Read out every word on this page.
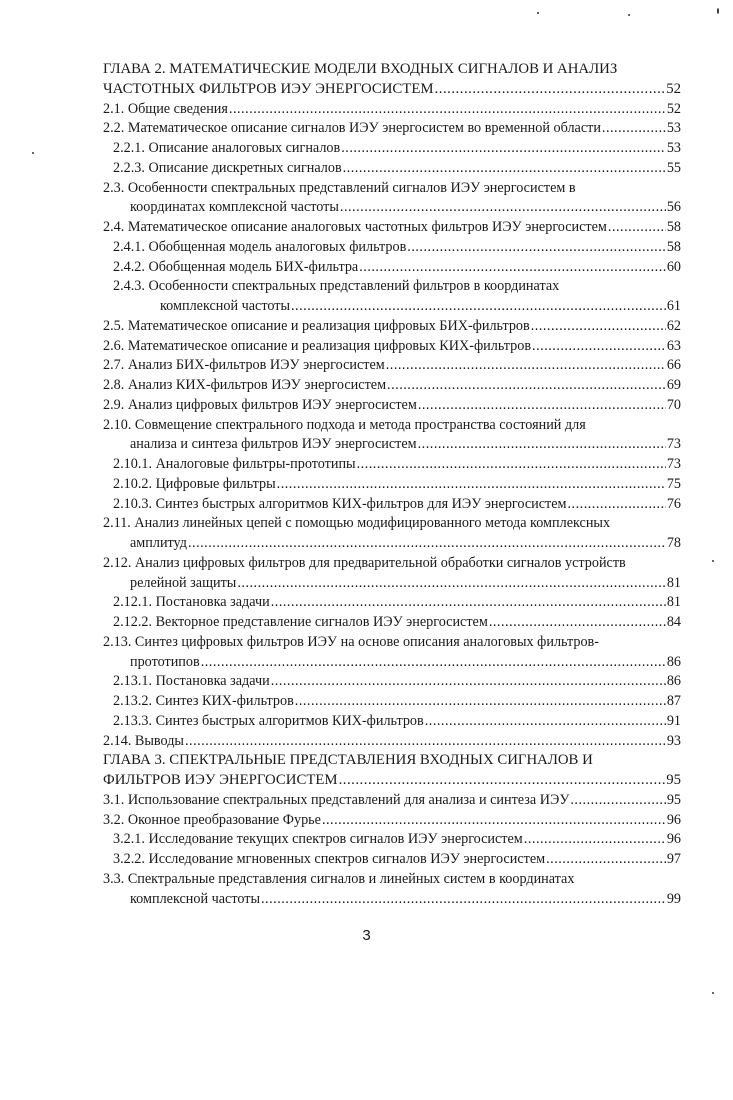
ГЛАВА 2. МАТЕМАТИЧЕСКИЕ МОДЕЛИ ВХОДНЫХ СИГНАЛОВ И АНАЛИЗ
ЧАСТОТНЫХ ФИЛЬТРОВ ИЭУ ЭНЕРГОСИСТЕМ .....	52
2.1. Общие сведения .....	52
2.2. Математическое описание сигналов ИЭУ энергосистем во временной области .....	53
2.2.1. Описание аналоговых сигналов .....	53
2.2.3. Описание дискретных сигналов .....	55
2.3. Особенности спектральных представлений сигналов ИЭУ энергосистем в
координатах комплексной частоты .....	56
2.4. Математическое описание аналоговых частотных фильтров ИЭУ энергосистем .....	58
2.4.1. Обобщенная модель аналоговых фильтров .....	58
2.4.2. Обобщенная модель БИХ-фильтра .....	60
2.4.3. Особенности спектральных представлений фильтров в координатах
комплексной частоты .....	61
2.5. Математическое описание и реализация цифровых БИХ-фильтров .....	62
2.6. Математическое описание и реализация цифровых КИХ-фильтров .....	63
2.7. Анализ БИХ-фильтров ИЭУ энергосистем .....	66
2.8. Анализ КИХ-фильтров ИЭУ энергосистем .....	69
2.9. Анализ цифровых фильтров ИЭУ энергосистем .....	70
2.10. Совмещение спектрального подхода и метода пространства состояний для
анализа и синтеза фильтров ИЭУ энергосистем .....	73
2.10.1. Аналоговые фильтры-прототипы .....	73
2.10.2. Цифровые фильтры .....	75
2.10.3. Синтез быстрых алгоритмов КИХ-фильтров для ИЭУ энергосистем .....	76
2.11. Анализ линейных цепей с помощью модифицированного метода комплексных
амплитуд .....	78
2.12. Анализ цифровых фильтров для предварительной обработки сигналов устройств
релейной защиты .....	81
2.12.1. Постановка задачи .....	81
2.12.2. Векторное представление сигналов ИЭУ энергосистем .....	84
2.13. Синтез цифровых фильтров ИЭУ на основе описания аналоговых фильтров-
прототипов .....	86
2.13.1. Постановка задачи .....	86
2.13.2. Синтез КИХ-фильтров .....	87
2.13.3. Синтез быстрых алгоритмов КИХ-фильтров .....	91
2.14. Выводы .....	93
ГЛАВА 3. СПЕКТРАЛЬНЫЕ ПРЕДСТАВЛЕНИЯ ВХОДНЫХ СИГНАЛОВ И
ФИЛЬТРОВ ИЭУ ЭНЕРГОСИСТЕМ .....	95
3.1. Использование спектральных представлений для анализа и синтеза ИЭУ .....	95
3.2. Оконное преобразование Фурье .....	96
3.2.1. Исследование текущих спектров сигналов ИЭУ энергосистем .....	96
3.2.2. Исследование мгновенных спектров сигналов ИЭУ энергосистем .....	97
3.3. Спектральные представления сигналов и линейных систем в координатах
комплексной частоты .....	99
3
